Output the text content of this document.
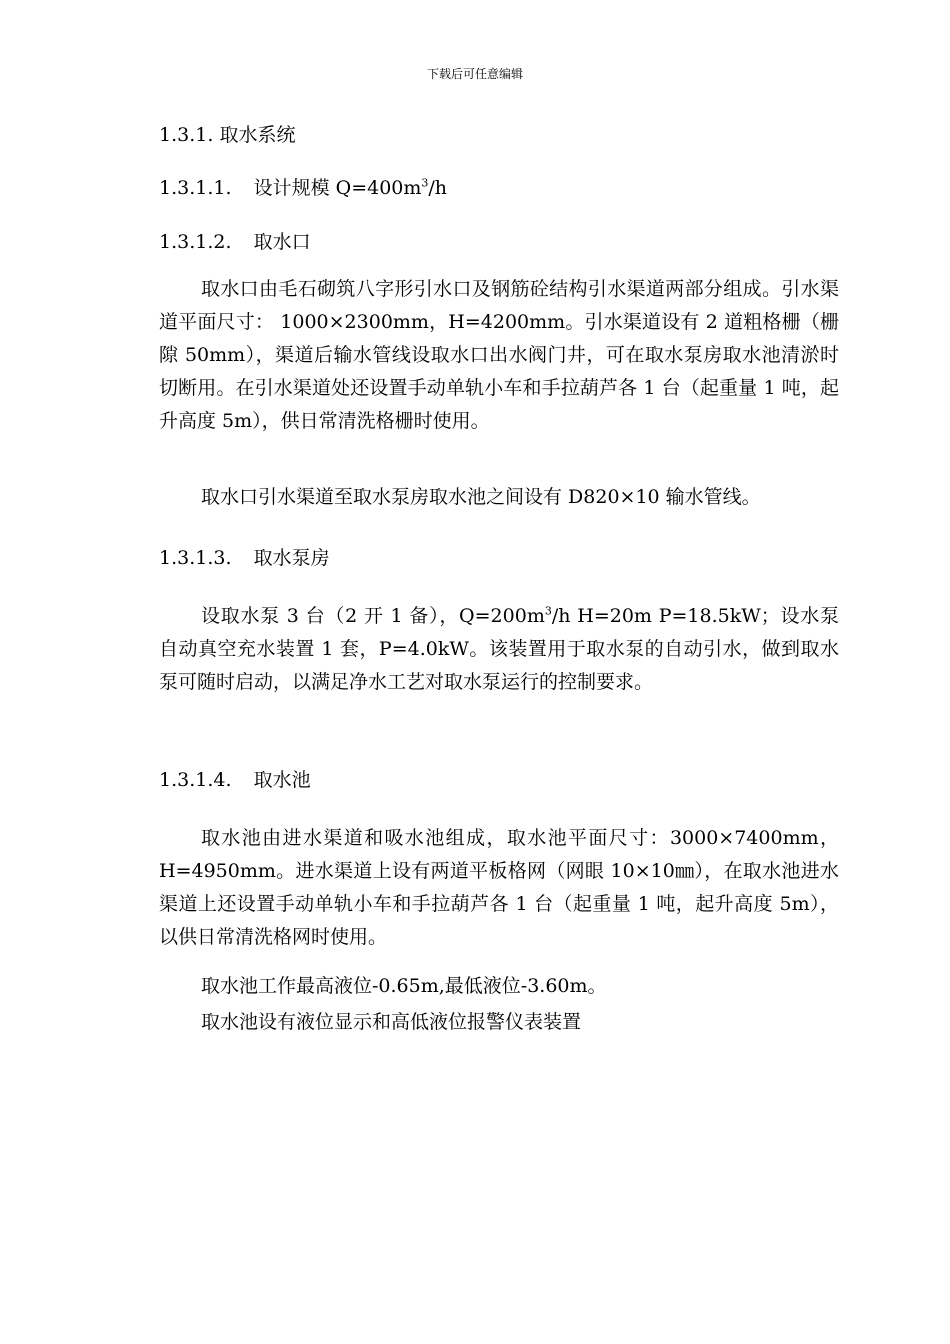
下载后可任意编辑
1.3.1. 取水系统
1.3.1.1. 设计规模 $Q=400m^3/h$
1.3.1.2. 取水口
取水口由毛石砌筑八字形引水口及钢筋砼结构引水渠道两部分组成。引水渠道平面尺寸： 1000×2300mm，H=4200mm。引水渠道设有 2 道粗格栅（栅隙 50mm），渠道后输水管线设取水口出水阀门井，可在取水泵房取水池清淤时切断用。在引水渠道处还设置手动单轨小车和手拉葫芦各 1 台（起重量 1 吨，起升高度 5m），供日常清洗格栅时使用。
取水口引水渠道至取水泵房取水池之间设有 D820×10 输水管线。
1.3.1.3. 取水泵房
设取水泵 3 台（2 开 1 备），$Q=200m^3/h$ H=20m P=18.5kW；设水泵自动真空充水装置 1 套，P=4.0kW。该装置用于取水泵的自动引水，做到取水泵可随时启动，以满足净水工艺对取水泵运行的控制要求。
1.3.1.4. 取水池
取水池由进水渠道和吸水池组成，取水池平面尺寸：3000×7400mm，H=4950mm。进水渠道上设有两道平板格网（网眼 10×10㎜），在取水池进水渠道上还设置手动单轨小车和手拉葫芦各 1 台（起重量 1 吨，起升高度 5m），以供日常清洗格网时使用。
取水池工作最高液位-0.65m,最低液位-3.60m。
取水池设有液位显示和高低液位报警仪表装置
